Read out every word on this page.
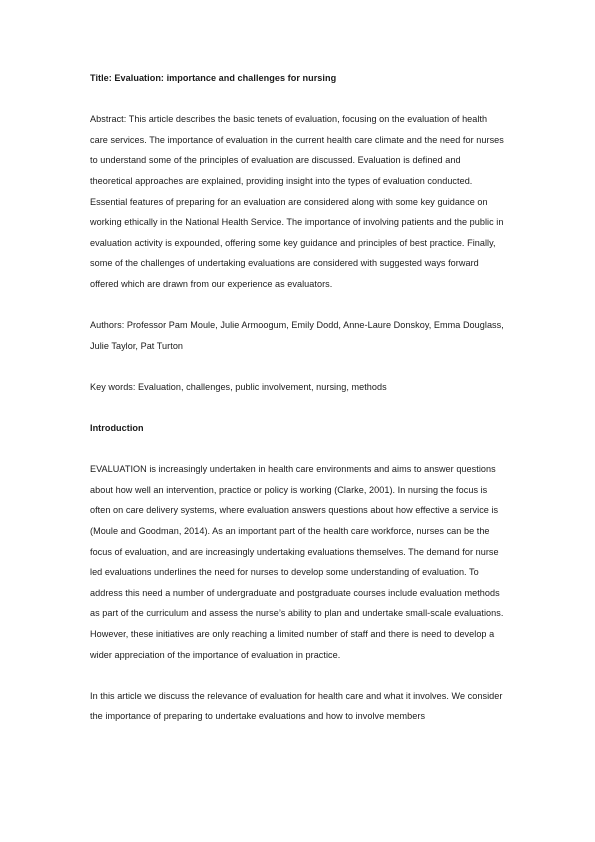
Title: Evaluation: importance and challenges for nursing

Abstract: This article describes the basic tenets of evaluation, focusing on the evaluation of health care services. The importance of evaluation in the current health care climate and the need for nurses to understand some of the principles of evaluation are discussed. Evaluation is defined and theoretical approaches are explained, providing insight into the types of evaluation conducted. Essential features of preparing for an evaluation are considered along with some key guidance on working ethically in the National Health Service. The importance of involving patients and the public in evaluation activity is expounded, offering some key guidance and principles of best practice. Finally, some of the challenges of undertaking evaluations are considered with suggested ways forward offered which are drawn from our experience as evaluators.

Authors: Professor Pam Moule, Julie Armoogum, Emily Dodd, Anne-Laure Donskoy, Emma Douglass, Julie Taylor, Pat Turton

Key words: Evaluation, challenges, public involvement, nursing, methods

Introduction

EVALUATION is increasingly undertaken in health care environments and aims to answer questions about how well an intervention, practice or policy is working (Clarke, 2001). In nursing the focus is often on care delivery systems, where evaluation answers questions about how effective a service is (Moule and Goodman, 2014). As an important part of the health care workforce, nurses can be the focus of evaluation, and are increasingly undertaking evaluations themselves. The demand for nurse led evaluations underlines the need for nurses to develop some understanding of evaluation. To address this need a number of undergraduate and postgraduate courses include evaluation methods as part of the curriculum and assess the nurse’s ability to plan and undertake small-scale evaluations. However, these initiatives are only reaching a limited number of staff and there is need to develop a wider appreciation of the importance of evaluation in practice.

In this article we discuss the relevance of evaluation for health care and what it involves. We consider the importance of preparing to undertake evaluations and how to involve members
